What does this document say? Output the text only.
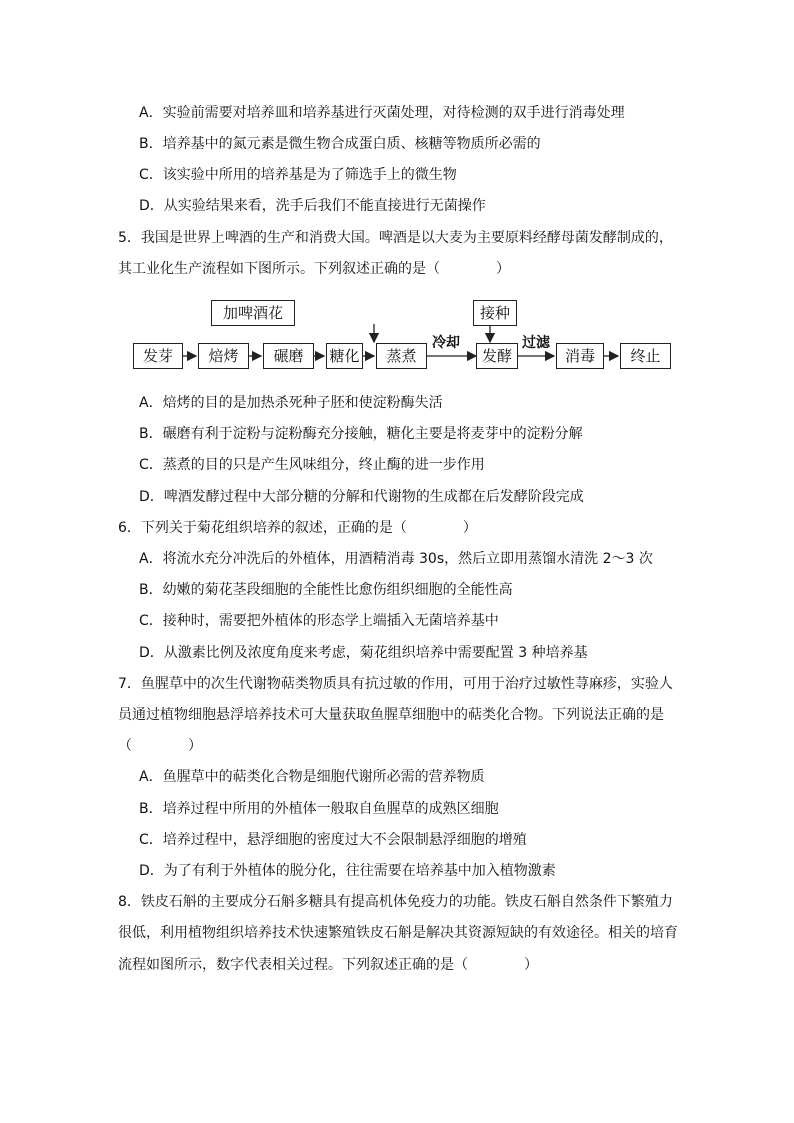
A．实验前需要对培养皿和培养基进行灭菌处理，对待检测的双手进行消毒处理
B．培养基中的氮元素是微生物合成蛋白质、核糖等物质所必需的
C．该实验中所用的培养基是为了筛选手上的微生物
D．从实验结果来看，洗手后我们不能直接进行无菌操作
5．我国是世界上啤酒的生产和消费大国。啤酒是以大麦为主要原料经酵母菌发酵制成的，
其工业化生产流程如下图所示。下列叙述正确的是（　　　　）
加啤酒花	接种
发芽	焙烤	碾磨	糖化	蒸煮	发酵	消毒	终止
冷却	过滤
A．焙烤的目的是加热杀死种子胚和使淀粉酶失活
B．碾磨有利于淀粉与淀粉酶充分接触，糖化主要是将麦芽中的淀粉分解
C．蒸煮的目的只是产生风味组分，终止酶的进一步作用
D．啤酒发酵过程中大部分糖的分解和代谢物的生成都在后发酵阶段完成
6．下列关于菊花组织培养的叙述，正确的是（　　　　）
A．将流水充分冲洗后的外植体，用酒精消毒 30s，然后立即用蒸馏水清洗 2～3 次
B．幼嫩的菊花茎段细胞的全能性比愈伤组织细胞的全能性高
C．接种时，需要把外植体的形态学上端插入无菌培养基中
D．从激素比例及浓度角度来考虑，菊花组织培养中需要配置 3 种培养基
7．鱼腥草中的次生代谢物萜类物质具有抗过敏的作用，可用于治疗过敏性荨麻疹，实验人
员通过植物细胞悬浮培养技术可大量获取鱼腥草细胞中的萜类化合物。下列说法正确的是
（　　　　）
A．鱼腥草中的萜类化合物是细胞代谢所必需的营养物质
B．培养过程中所用的外植体一般取自鱼腥草的成熟区细胞
C．培养过程中，悬浮细胞的密度过大不会限制悬浮细胞的增殖
D．为了有利于外植体的脱分化，往往需要在培养基中加入植物激素
8．铁皮石斛的主要成分石斛多糖具有提高机体免疫力的功能。铁皮石斛自然条件下繁殖力
很低，利用植物组织培养技术快速繁殖铁皮石斛是解决其资源短缺的有效途径。相关的培育
流程如图所示，数字代表相关过程。下列叙述正确的是（　　　　）
